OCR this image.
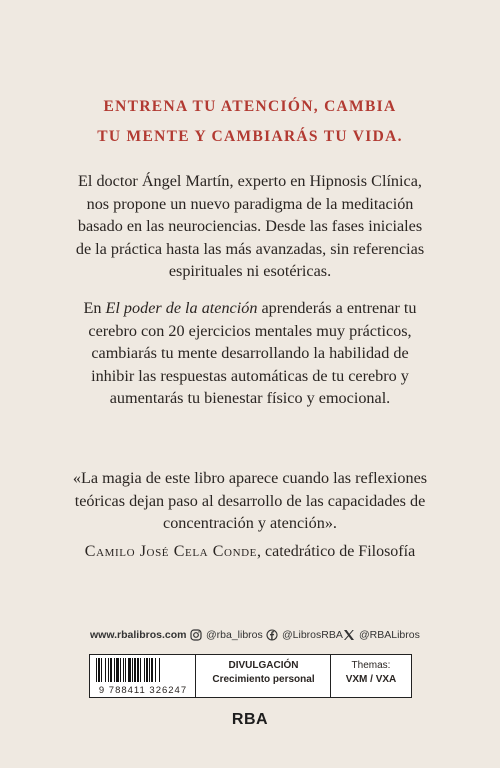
ENTRENA TU ATENCIÓN, CAMBIA
TU MENTE Y CAMBIARÁS TU VIDA.
El doctor Ángel Martín, experto en Hipnosis Clínica,
nos propone un nuevo paradigma de la meditación
basado en las neurociencias. Desde las fases iniciales
de la práctica hasta las más avanzadas, sin referencias
espirituales ni esotéricas.
En El poder de la atención aprenderás a entrenar tu
cerebro con 20 ejercicios mentales muy prácticos,
cambiarás tu mente desarrollando la habilidad de
inhibir las respuestas automáticas de tu cerebro y
aumentarás tu bienestar físico y emocional.
«La magia de este libro aparece cuando las reflexiones
teóricas dejan paso al desarrollo de las capacidades de
concentración y atención».
Camilo José Cela Conde, catedrático de Filosofía
www.rbalibros.com @rba_libros @LibrosRBA @RBALibros
9 788411 326247
DIVULGACIÓN
Crecimiento personal
Themas:
VXM / VXA
RBA
